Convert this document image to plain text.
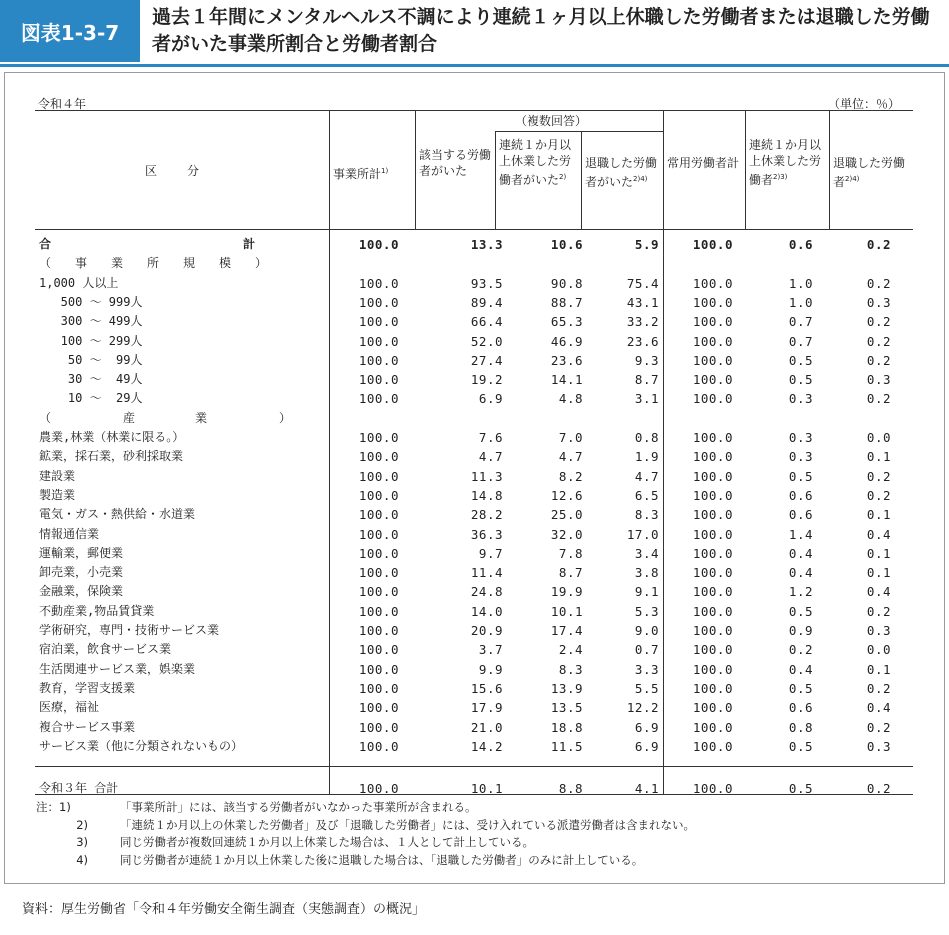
図表1-3-7
過去１年間にメンタルヘルス不調により連続１ヶ月以上休職した労働者または退職した労働者がいた事業所割合と労働者割合
令和４年	（単位：％）
区　　分	事業所計$^{1)}$
該当する労働者がいた
（複数回答）
連続１か月以上休業した労働者がいた$^{2)}$
退職した労働者がいた$^{2)4)}$
常用労働者計
連続１か月以上休業した労働者$^{2)3)}$
退職した労働者$^{2)4)}$
合　　　　　　　　　　　　　　　　計	100.0	13.3	10.6	5.9	100.0	0.6	0.2
（　　事　　業　　所　　規　　模　　）
1,000 人以上	100.0	93.5	90.8	75.4	100.0	1.0	0.2
500 ～ 999人	100.0	89.4	88.7	43.1	100.0	1.0	0.3
300 ～ 499人	100.0	66.4	65.3	33.2	100.0	0.7	0.2
100 ～ 299人	100.0	52.0	46.9	23.6	100.0	0.7	0.2
50 ～  99人	100.0	27.4	23.6	9.3	100.0	0.5	0.2
30 ～  49人	100.0	19.2	14.1	8.7	100.0	0.5	0.3
10 ～  29人	100.0	6.9	4.8	3.1	100.0	0.3	0.2
（　　　　　　産　　　　　業　　　　　　）
農業,林業（林業に限る。）	100.0	7.6	7.0	0.8	100.0	0.3	0.0
鉱業，採石業，砂利採取業	100.0	4.7	4.7	1.9	100.0	0.3	0.1
建設業	100.0	11.3	8.2	4.7	100.0	0.5	0.2
製造業	100.0	14.8	12.6	6.5	100.0	0.6	0.2
電気・ガス・熱供給・水道業	100.0	28.2	25.0	8.3	100.0	0.6	0.1
情報通信業	100.0	36.3	32.0	17.0	100.0	1.4	0.4
運輸業，郵便業	100.0	9.7	7.8	3.4	100.0	0.4	0.1
卸売業，小売業	100.0	11.4	8.7	3.8	100.0	0.4	0.1
金融業，保険業	100.0	24.8	19.9	9.1	100.0	1.2	0.4
不動産業,物品賃貸業	100.0	14.0	10.1	5.3	100.0	0.5	0.2
学術研究，専門・技術サービス業	100.0	20.9	17.4	9.0	100.0	0.9	0.3
宿泊業，飲食サービス業	100.0	3.7	2.4	0.7	100.0	0.2	0.0
生活関連サービス業，娯楽業	100.0	9.9	8.3	3.3	100.0	0.4	0.1
教育，学習支援業	100.0	15.6	13.9	5.5	100.0	0.5	0.2
医療，福祉	100.0	17.9	13.5	12.2	100.0	0.6	0.4
複合サービス事業	100.0	21.0	18.8	6.9	100.0	0.8	0.2
サービス業（他に分類されないもの）	100.0	14.2	11.5	6.9	100.0	0.5	0.3
令和３年 合計	100.0	10.1	8.8	4.1	100.0	0.5	0.2
注：1)	「事業所計」には、該当する労働者がいなかった事業所が含まれる。
2)	「連続１か月以上の休業した労働者」及び「退職した労働者」には、受け入れている派遣労働者は含まれない。
3)	同じ労働者が複数回連続１か月以上休業した場合は、１人として計上している。
4)	同じ労働者が連続１か月以上休業した後に退職した場合は、「退職した労働者」のみに計上している。
資料：厚生労働省「令和４年労働安全衛生調査（実態調査）の概況」
